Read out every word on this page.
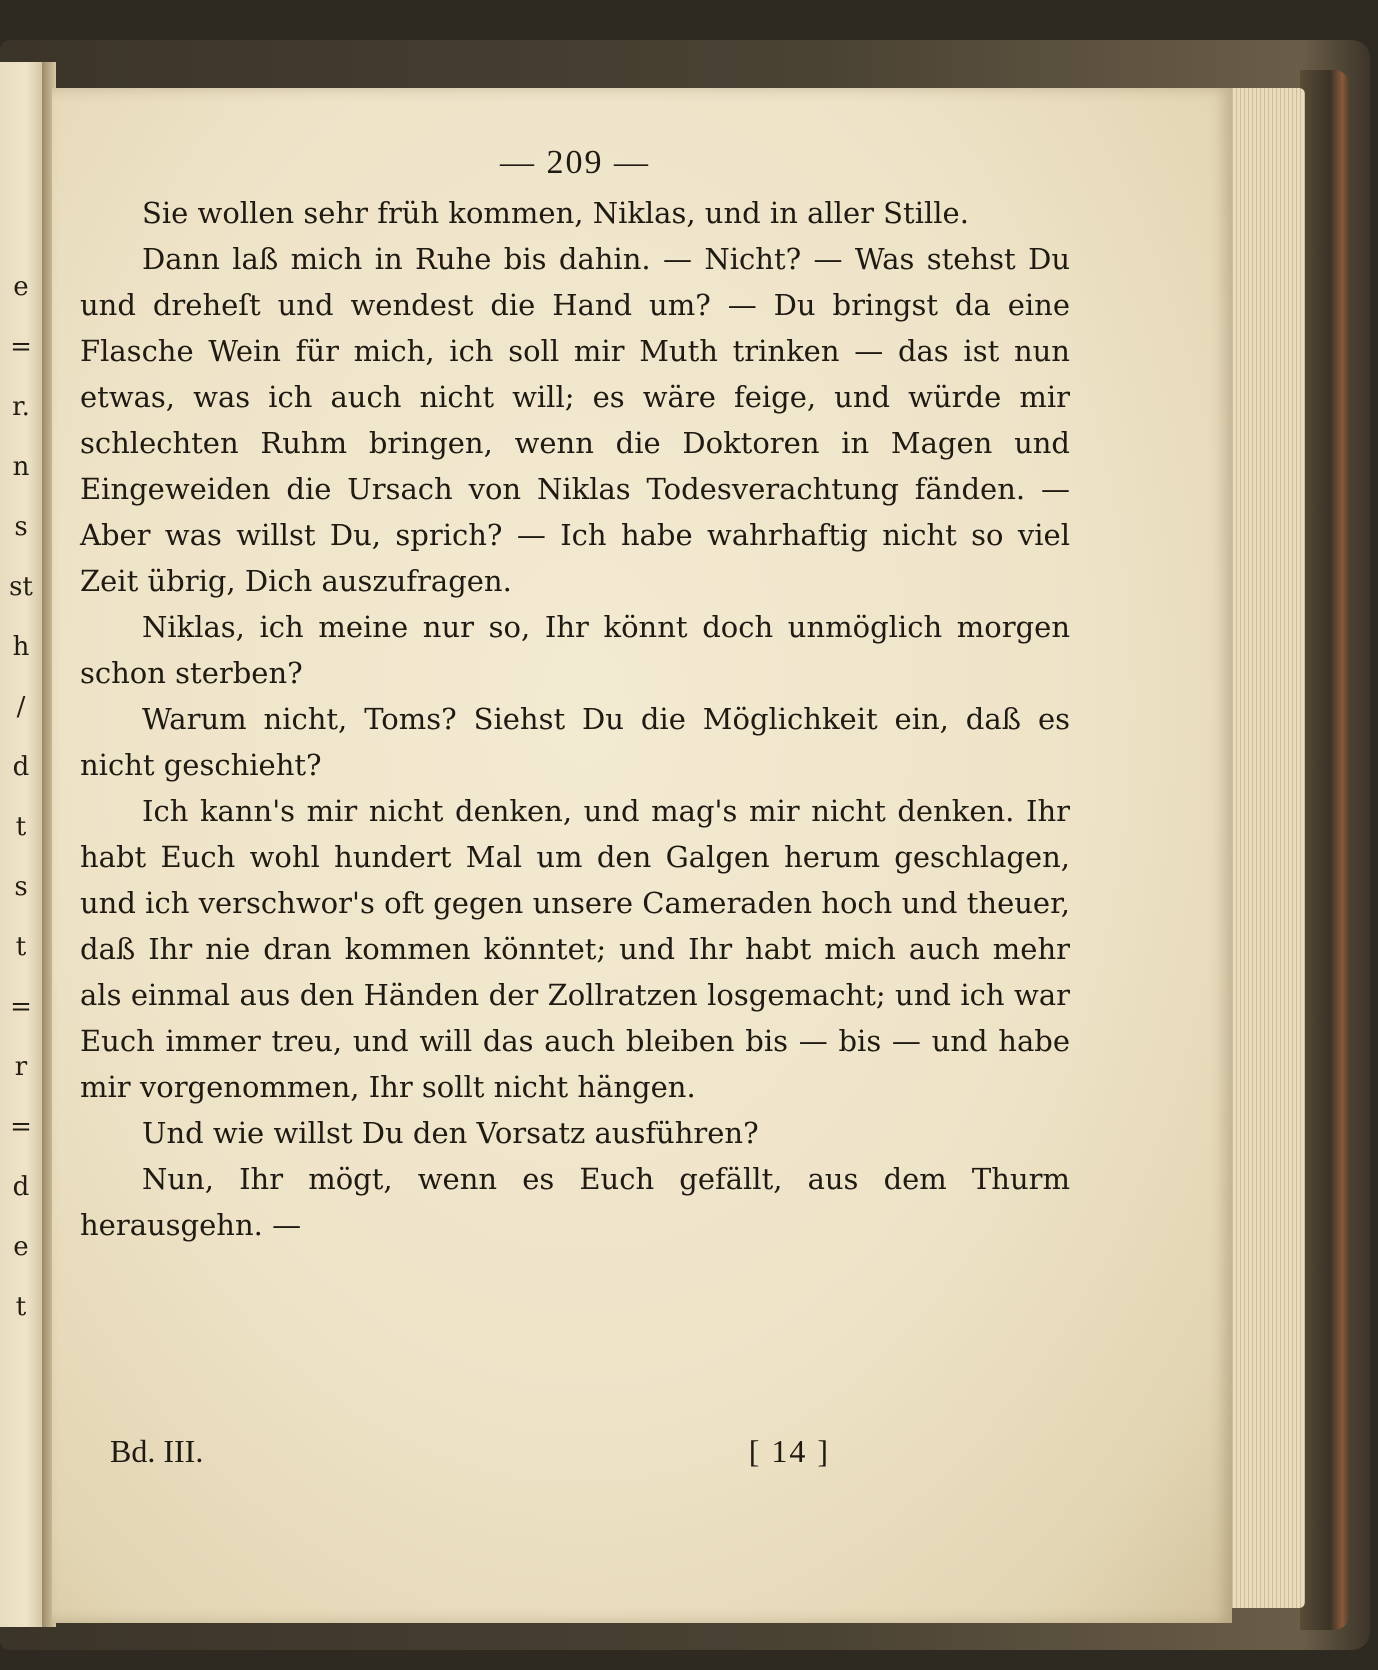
e
=
r.
n
s
st
h
/
d
t
s
t
=
r
=
d
e
t
— 209 —

Sie wollen sehr früh kommen, Niklas, und in aller Stille.

Dann laß mich in Ruhe bis dahin. — Nicht? — Was stehst Du und dreheſt und wendest die Hand um? — Du bringst da eine Flasche Wein für mich, ich soll mir Muth trinken — das ist nun etwas, was ich auch nicht will; es wäre feige, und würde mir schlechten Ruhm bringen, wenn die Doktoren in Magen und Eingeweiden die Ursach von Niklas Todesverachtung fänden. — Aber was willst Du, sprich? — Ich habe wahrhaftig nicht so viel Zeit übrig, Dich auszufragen.

Niklas, ich meine nur so, Ihr könnt doch unmöglich morgen schon sterben?

Warum nicht, Toms? Siehst Du die Möglichkeit ein, daß es nicht geschieht?

Ich kann's mir nicht denken, und mag's mir nicht denken. Ihr habt Euch wohl hundert Mal um den Galgen herum geschlagen, und ich verschwor's oft gegen unsere Cameraden hoch und theuer, daß Ihr nie dran kommen könntet; und Ihr habt mich auch mehr als einmal aus den Händen der Zollratzen losgemacht; und ich war Euch immer treu, und will das auch bleiben bis — bis — und habe mir vorgenommen, Ihr sollt nicht hängen.

Und wie willst Du den Vorsatz ausführen?

Nun, Ihr mögt, wenn es Euch gefällt, aus dem Thurm herausgehn. —

Bd. III.	[ 14 ]
